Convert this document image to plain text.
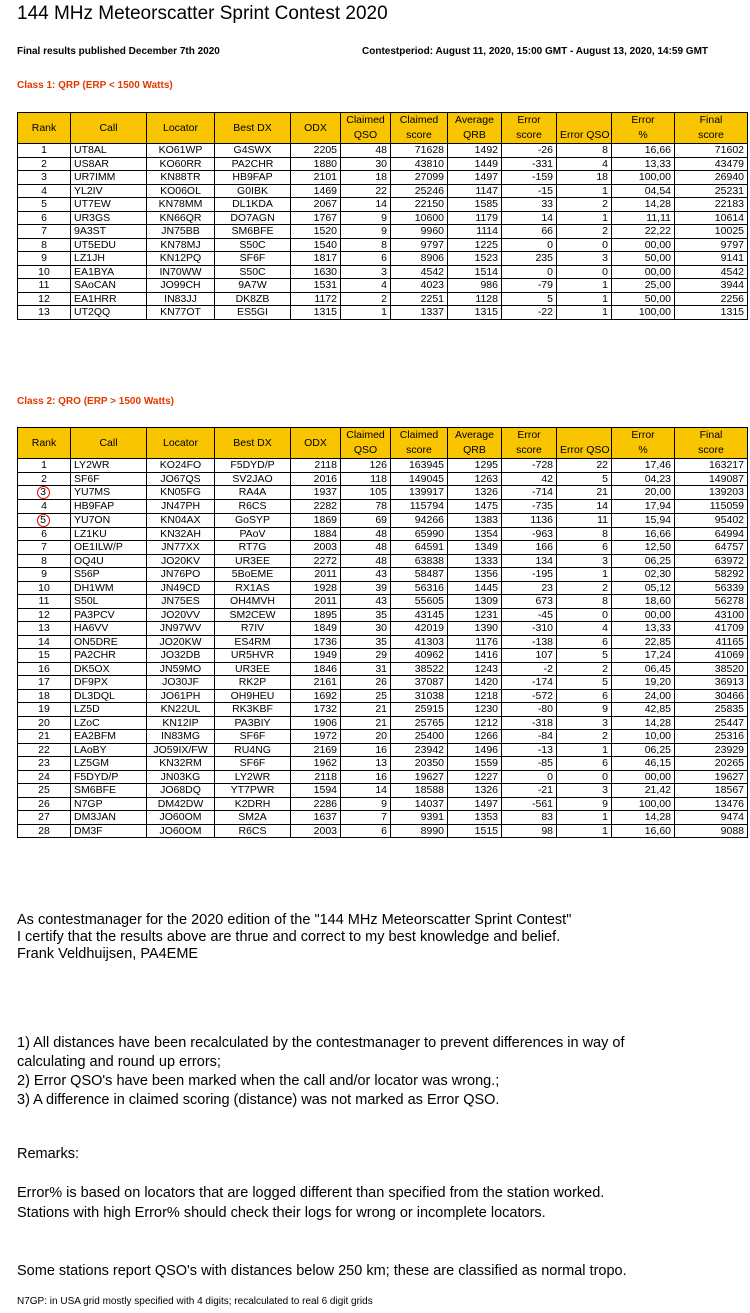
144 MHz Meteorscatter Sprint Contest 2020
Final results published December 7th 2020	Contestperiod: August 11, 2020, 15:00 GMT - August 13, 2020, 14:59 GMT
Class 1: QRP (ERP < 1500 Watts)
Rank	Call	Locator	Best DX	ODX	Claimed	Claimed	Average	Error		Error	Final
					QSO	score	QRB	score	Error QSO	%	score
1	UT8AL	KO61WP	G4SWX	2205	48	71628	1492	-26	8	16,66	71602
2	US8AR	KO60RR	PA2CHR	1880	30	43810	1449	-331	4	13,33	43479
3	UR7IMM	KN88TR	HB9FAP	2101	18	27099	1497	-159	18	100,00	26940
4	YL2IV	KO06OL	G0IBK	1469	22	25246	1147	-15	1	04,54	25231
5	UT7EW	KN78MM	DL1KDA	2067	14	22150	1585	33	2	14,28	22183
6	UR3GS	KN66QR	DO7AGN	1767	9	10600	1179	14	1	11,11	10614
7	9A3ST	JN75BB	SM6BFE	1520	9	9960	1114	66	2	22,22	10025
8	UT5EDU	KN78MJ	S50C	1540	8	9797	1225	0	0	00,00	9797
9	LZ1JH	KN12PQ	SF6F	1817	6	8906	1523	235	3	50,00	9141
10	EA1BYA	IN70WW	S50C	1630	3	4542	1514	0	0	00,00	4542
11	SAoCAN	JO99CH	9A7W	1531	4	4023	986	-79	1	25,00	3944
12	EA1HRR	IN83JJ	DK8ZB	1172	2	2251	1128	5	1	50,00	2256
13	UT2QQ	KN77OT	ES5GI	1315	1	1337	1315	-22	1	100,00	1315
Class 2: QRO (ERP > 1500 Watts)
Rank	Call	Locator	Best DX	ODX	Claimed	Claimed	Average	Error		Error	Final
					QSO	score	QRB	score	Error QSO	%	score
1	LY2WR	KO24FO	F5DYD/P	2118	126	163945	1295	-728	22	17,46	163217
2	SF6F	JO67QS	SV2JAO	2016	118	149045	1263	42	5	04,23	149087
3	YU7MS	KN05FG	RA4A	1937	105	139917	1326	-714	21	20,00	139203
4	HB9FAP	JN47PH	R6CS	2282	78	115794	1475	-735	14	17,94	115059
5	YU7ON	KN04AX	GoSYP	1869	69	94266	1383	1136	11	15,94	95402
6	LZ1KU	KN32AH	PAoV	1884	48	65990	1354	-963	8	16,66	64994
7	OE1ILW/P	JN77XX	RT7G	2003	48	64591	1349	166	6	12,50	64757
8	OQ4U	JO20KV	UR3EE	2272	48	63838	1333	134	3	06,25	63972
9	S56P	JN76PO	5BoEME	2011	43	58487	1356	-195	1	02,30	58292
10	DH1WM	JN49CD	RX1AS	1928	39	56316	1445	23	2	05,12	56339
11	S50L	JN75ES	OH4MVH	2011	43	55605	1309	673	8	18,60	56278
12	PA3PCV	JO20VV	SM2CEW	1895	35	43145	1231	-45	0	00,00	43100
13	HA6VV	JN97WV	R7IV	1849	30	42019	1390	-310	4	13,33	41709
14	ON5DRE	JO20KW	ES4RM	1736	35	41303	1176	-138	6	22,85	41165
15	PA2CHR	JO32DB	UR5HVR	1949	29	40962	1416	107	5	17,24	41069
16	DK5OX	JN59MO	UR3EE	1846	31	38522	1243	-2	2	06,45	38520
17	DF9PX	JO30JF	RK2P	2161	26	37087	1420	-174	5	19,20	36913
18	DL3DQL	JO61PH	OH9HEU	1692	25	31038	1218	-572	6	24,00	30466
19	LZ5D	KN22UL	RK3KBF	1732	21	25915	1230	-80	9	42,85	25835
20	LZoC	KN12IP	PA3BIY	1906	21	25765	1212	-318	3	14,28	25447
21	EA2BFM	IN83MG	SF6F	1972	20	25400	1266	-84	2	10,00	25316
22	LAoBY	JO59IX/FW	RU4NG	2169	16	23942	1496	-13	1	06,25	23929
23	LZ5GM	KN32RM	SF6F	1962	13	20350	1559	-85	6	46,15	20265
24	F5DYD/P	JN03KG	LY2WR	2118	16	19627	1227	0	0	00,00	19627
25	SM6BFE	JO68DQ	YT7PWR	1594	14	18588	1326	-21	3	21,42	18567
26	N7GP	DM42DW	K2DRH	2286	9	14037	1497	-561	9	100,00	13476
27	DM3JAN	JO60OM	SM2A	1637	7	9391	1353	83	1	14,28	9474
28	DM3F	JO60OM	R6CS	2003	6	8990	1515	98	1	16,60	9088
As contestmanager for the 2020 edition of the "144 MHz Meteorscatter Sprint Contest"
I certify that the results above are thrue and correct to my best knowledge and belief.
Frank Veldhuijsen, PA4EME
1) All distances have been recalculated by the contestmanager to prevent differences in way of
calculating and round up errors;
2) Error QSO's have been marked when the call and/or locator was wrong.;
3) A difference in claimed scoring (distance) was not marked as Error QSO.
Remarks:
Error% is based on locators that are logged different than specified from the station worked.
Stations with high Error% should check their logs for wrong or incomplete locators.
Some stations report QSO's with distances below 250 km; these are classified as normal tropo.
N7GP: in USA grid mostly specified with 4 digits; recalculated to real 6 digit grids
